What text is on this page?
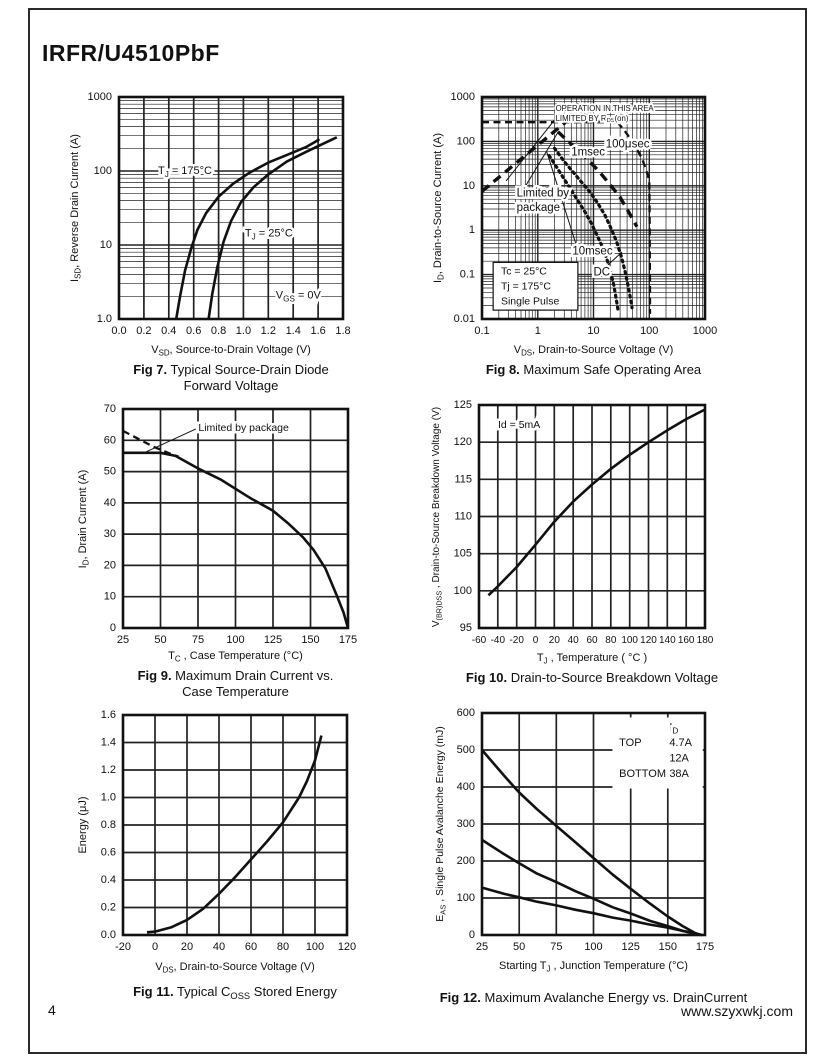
IRFR/U4510PbF
0.0 0.2 0.4 0.6 0.8 1.0 1.2 1.4 1.6 1.8
1.0
10
100
1000
$T_J = 175^\circ C$
$T_J = 25^\circ C$
$V_{GS} = 0V$
$I_{SD}$, Reverse Drain Current (A)
$V_{SD}$, Source-to-Drain Voltage (V)
Fig 7. Typical Source-Drain Diode
Forward Voltage
0.1	1	10	100	1000
0.01
0.1
1
10
100
1000
OPERATION IN THIS AREA
LIMITED BY $R_{DS}(on)$
100μsec
1msec
Limited by
package
10msec
DC
Tc = 25°C
Tj = 175°C
Single Pulse
$I_D$, Drain-to-Source Current (A)
$V_{DS}$, Drain-to-Source Voltage (V)
Fig 8. Maximum Safe Operating Area
25 50 75 100 125 150 175
0
10
20
30
40
50
60
70
Limited by package
$I_D$, Drain Current (A)
$T_C$ , Case Temperature (°C)
Fig 9. Maximum Drain Current vs.
Case Temperature
-60 -40 -20 0 20 40 60 80 100 120 140 160 180
95
100
105
110
115
120
125
Id = 5mA
$V_{(BR)DSS}$ , Drain-to-Source Breakdown Voltage (V)
$T_J$ , Temperature ( °C )
Fig 10. Drain-to-Source Breakdown Voltage
-20 0 20 40 60 80 100 120
0.0
0.2
0.4
0.6
0.8
1.0
1.2
1.4
1.6
Energy (μJ)
$V_{DS}$, Drain-to-Source Voltage (V)
Fig 11. Typical $C_{OSS}$ Stored Energy
25 50 75 100 125 150 175
0
100
200
300
400
500
600
TOP
BOTTOM
$I_D$
4.7A
12A
38A
$E_{AS}$ , Single Pulse Avalanche Energy (mJ)
Starting $T_J$ , Junction Temperature (°C)
Fig 12. Maximum Avalanche Energy vs. DrainCurrent
4	www.szyxwkj.com
